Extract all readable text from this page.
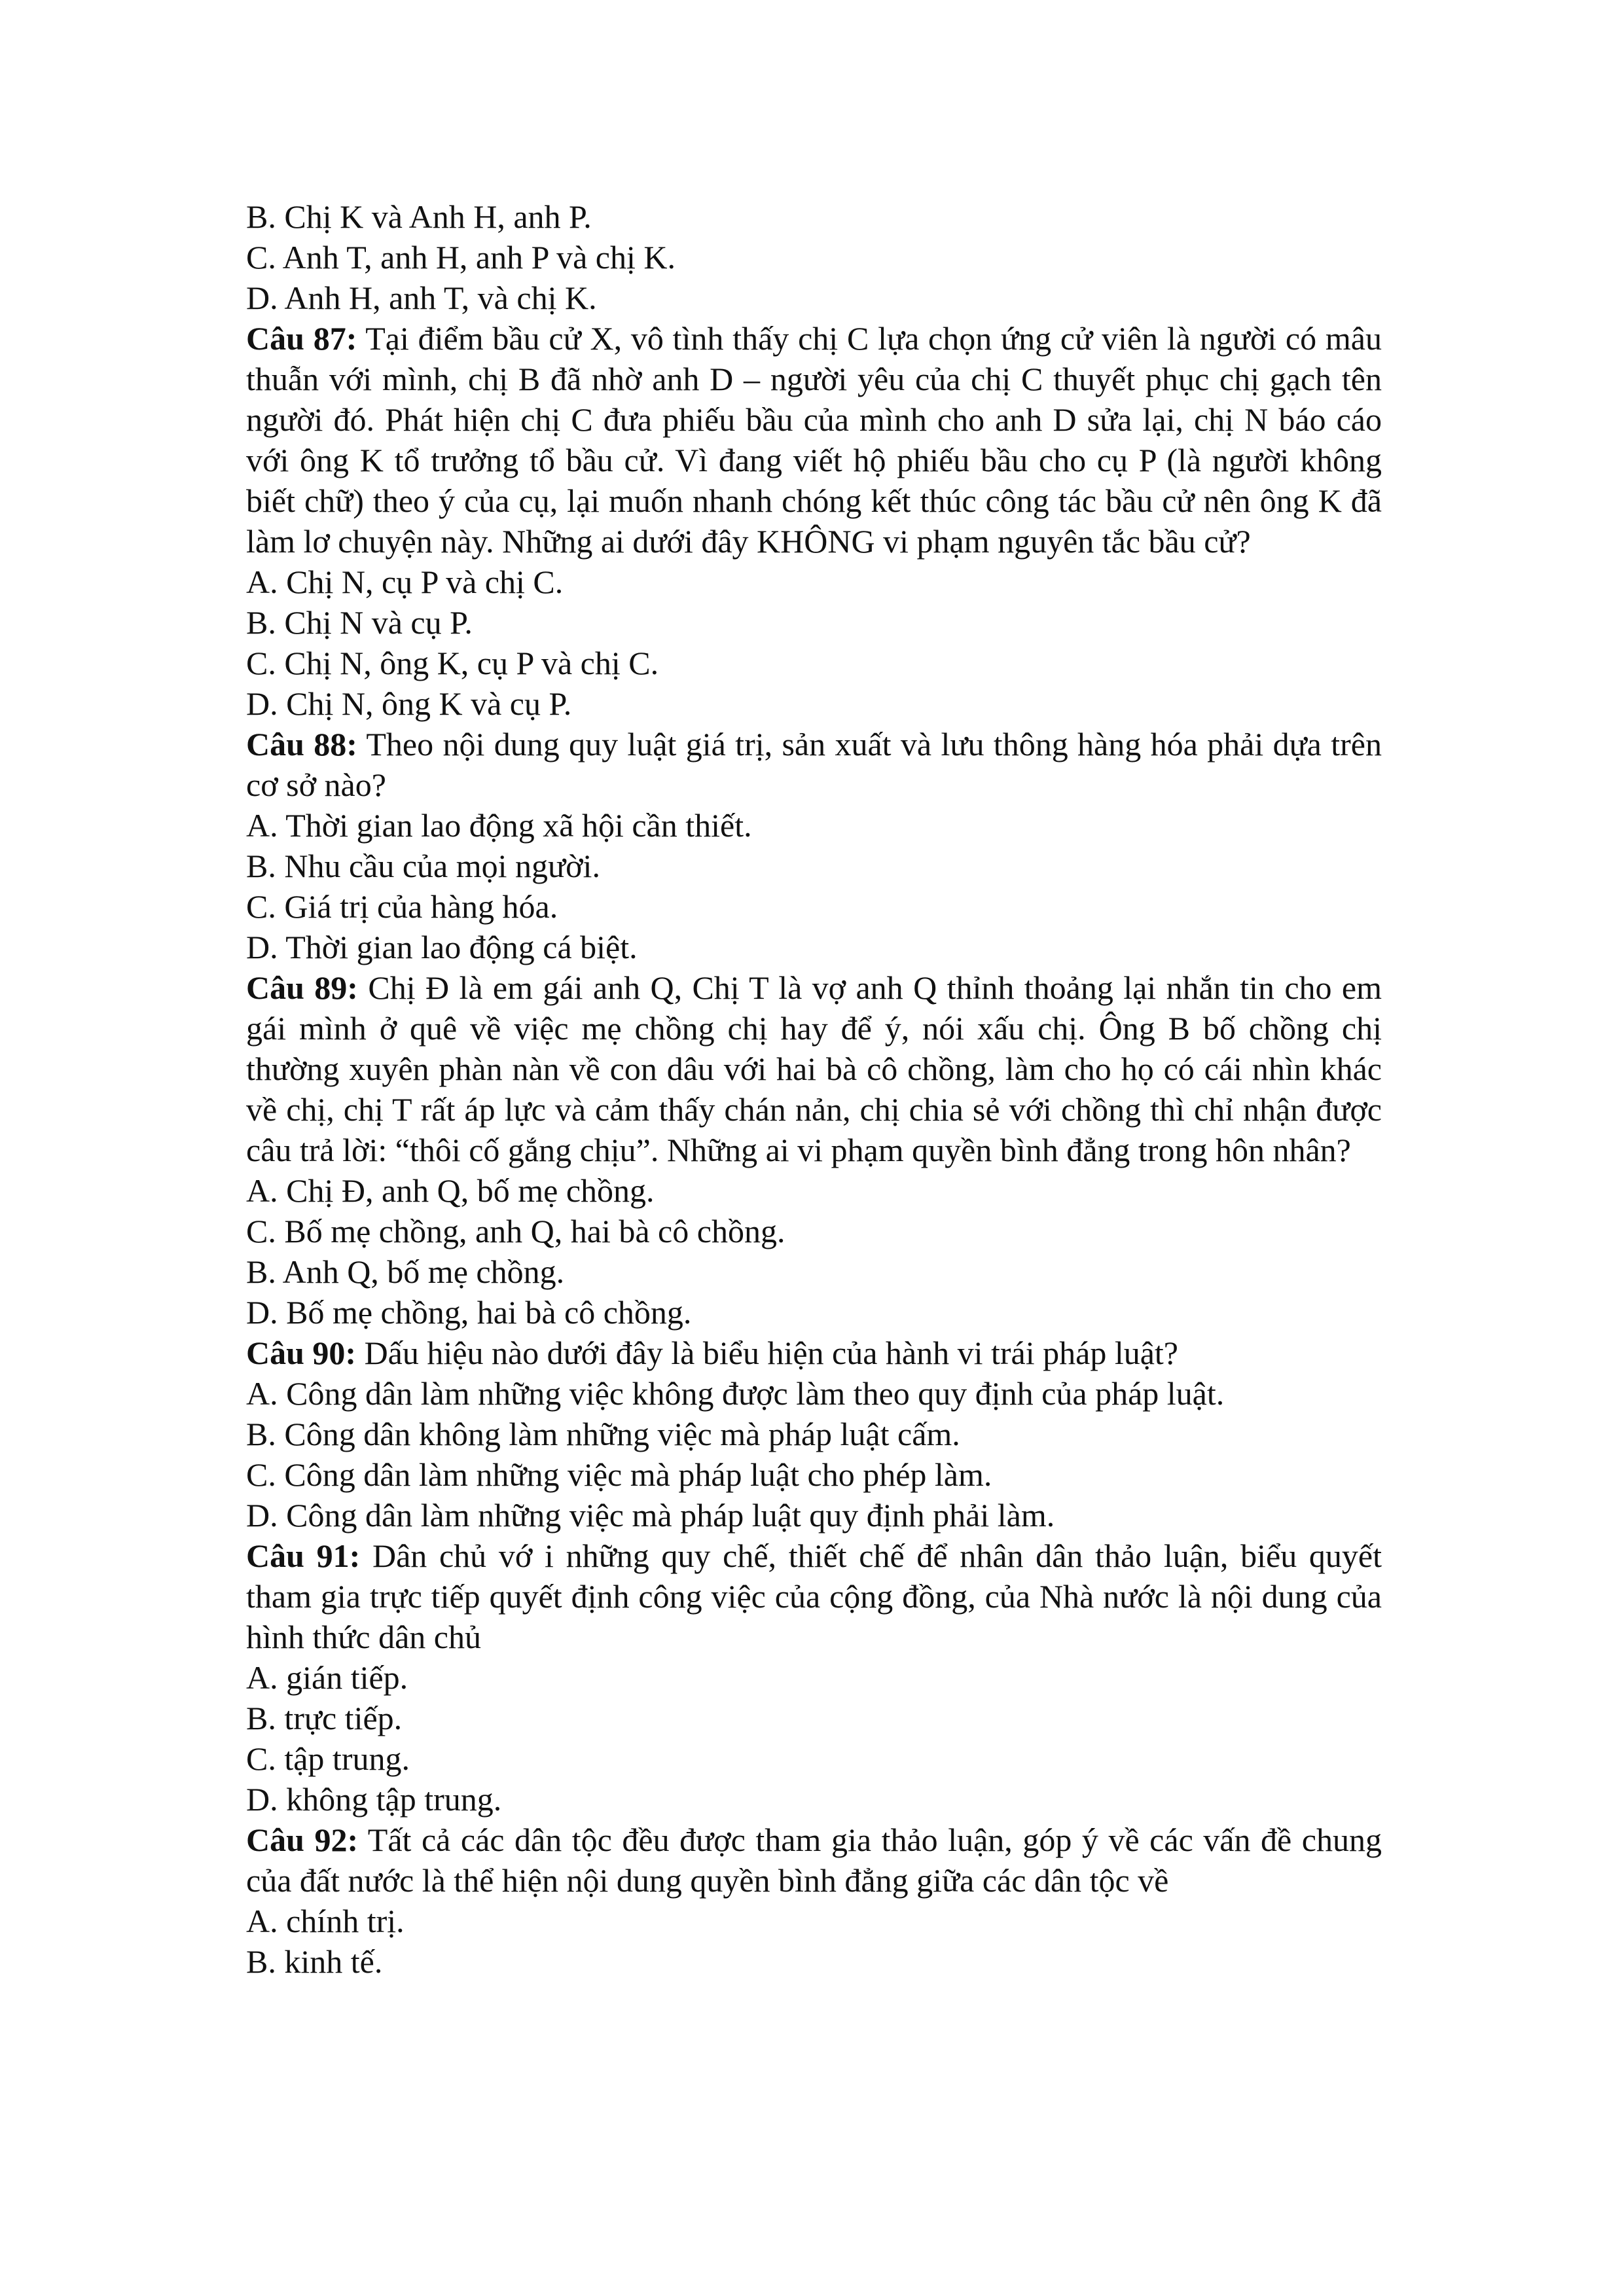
B. Chị K và Anh H, anh P.
C. Anh T, anh H, anh P và chị K.
D. Anh H, anh T, và chị K.
Câu 87: Tại điểm bầu cử X, vô tình thấy chị C lựa chọn ứng cử viên là người có mâu thuẫn với mình, chị B đã nhờ anh D – người yêu của chị C thuyết phục chị gạch tên người đó. Phát hiện chị C đưa phiếu bầu của mình cho anh D sửa lại, chị N báo cáo với ông K tổ trưởng tổ bầu cử. Vì đang viết hộ phiếu bầu cho cụ P (là người không biết chữ) theo ý của cụ, lại muốn nhanh chóng kết thúc công tác bầu cử nên ông K đã làm lơ chuyện này. Những ai dưới đây KHÔNG vi phạm nguyên tắc bầu cử?
A. Chị N, cụ P và chị C.
B. Chị N và cụ P.
C. Chị N, ông K, cụ P và chị C.
D. Chị N, ông K và cụ P.
Câu 88: Theo nội dung quy luật giá trị, sản xuất và lưu thông hàng hóa phải dựa trên cơ sở nào?
A. Thời gian lao động xã hội cần thiết.
B. Nhu cầu của mọi người.
C. Giá trị của hàng hóa.
D. Thời gian lao động cá biệt.
Câu 89: Chị Đ là em gái anh Q, Chị T là vợ anh Q thỉnh thoảng lại nhắn tin cho em gái mình ở quê về việc mẹ chồng chị hay để ý, nói xấu chị. Ông B bố chồng chị thường xuyên phàn nàn về con dâu với hai bà cô chồng, làm cho họ có cái nhìn khác về chị, chị T rất áp lực và cảm thấy chán nản, chị chia sẻ với chồng thì chỉ nhận được câu trả lời: “thôi cố gắng chịu”. Những ai vi phạm quyền bình đẳng trong hôn nhân?
A. Chị Đ, anh Q, bố mẹ chồng.
C. Bố mẹ chồng, anh Q, hai bà cô chồng.
B. Anh Q, bố mẹ chồng.
D. Bố mẹ chồng, hai bà cô chồng.
Câu 90: Dấu hiệu nào dưới đây là biểu hiện của hành vi trái pháp luật?
A. Công dân làm những việc không được làm theo quy định của pháp luật.
B. Công dân không làm những việc mà pháp luật cấm.
C. Công dân làm những việc mà pháp luật cho phép làm.
D. Công dân làm những việc mà pháp luật quy định phải làm.
Câu 91: Dân chủ vớ i những quy chế, thiết chế để nhân dân thảo luận, biểu quyết tham gia trực tiếp quyết định công việc của cộng đồng, của Nhà nước là nội dung của hình thức dân chủ
A. gián tiếp.
B. trực tiếp.
C. tập trung.
D. không tập trung.
Câu 92: Tất cả các dân tộc đều được tham gia thảo luận, góp ý về các vấn đề chung của đất nước là thể hiện nội dung quyền bình đẳng giữa các dân tộc về
A. chính trị.
B. kinh tế.
